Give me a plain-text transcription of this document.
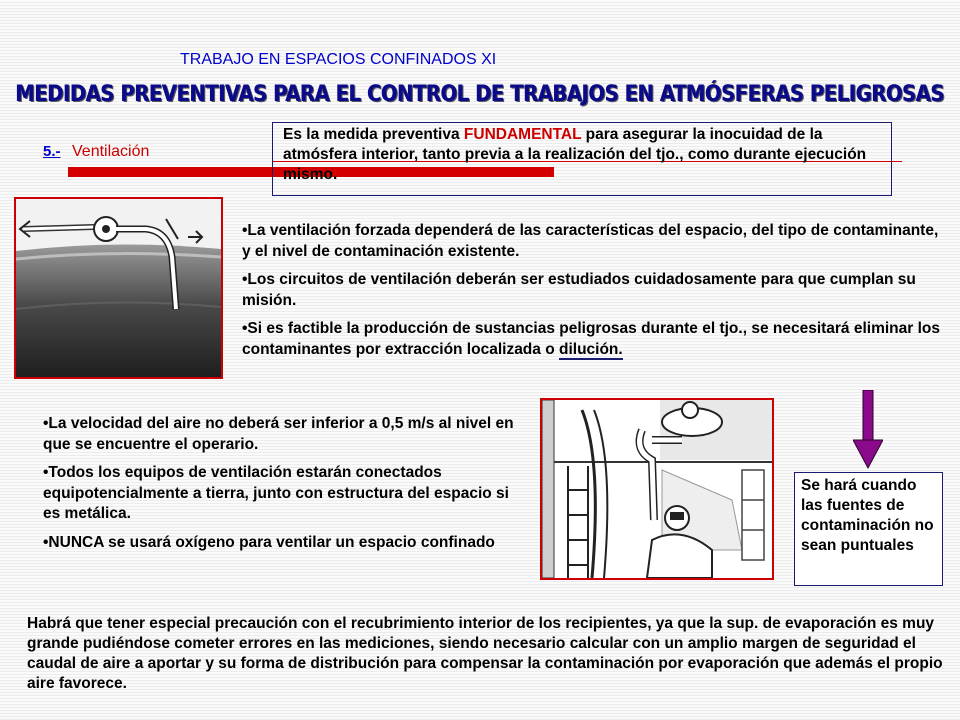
TRABAJO EN ESPACIOS CONFINADOS XI
MEDIDAS PREVENTIVAS PARA EL CONTROL DE TRABAJOS EN ATMÓSFERAS PELIGROSAS
5.- Ventilación
Es la medida preventiva FUNDAMENTAL para asegurar la inocuidad de la atmósfera interior, tanto previa a la realización del tjo., como durante ejecución mismo.

•La ventilación forzada dependerá de las características del espacio, del tipo de contaminante, y el nivel de contaminación existente.

•Los circuitos de ventilación deberán ser estudiados cuidadosamente para que cumplan su misión.

•Si es factible la producción de sustancias peligrosas durante el tjo., se necesitará eliminar los contaminantes por extracción localizada o dilución.

•La velocidad del aire no deberá ser inferior a 0,5 m/s al nivel en que se encuentre el operario.

•Todos los equipos de ventilación estarán conectados equipotencialmente a tierra, junto con estructura del espacio si es metálica.

•NUNCA se usará oxígeno para ventilar un espacio confinado

Se hará cuando las fuentes de contaminación no sean puntuales
Habrá que tener especial precaución con el recubrimiento interior de los recipientes, ya que la sup. de evaporación es muy grande pudiéndose cometer errores en las mediciones, siendo necesario calcular con un amplio margen de seguridad el caudal de aire a aportar y su forma de distribución para compensar la contaminación por evaporación que además el propio aire favorece.
